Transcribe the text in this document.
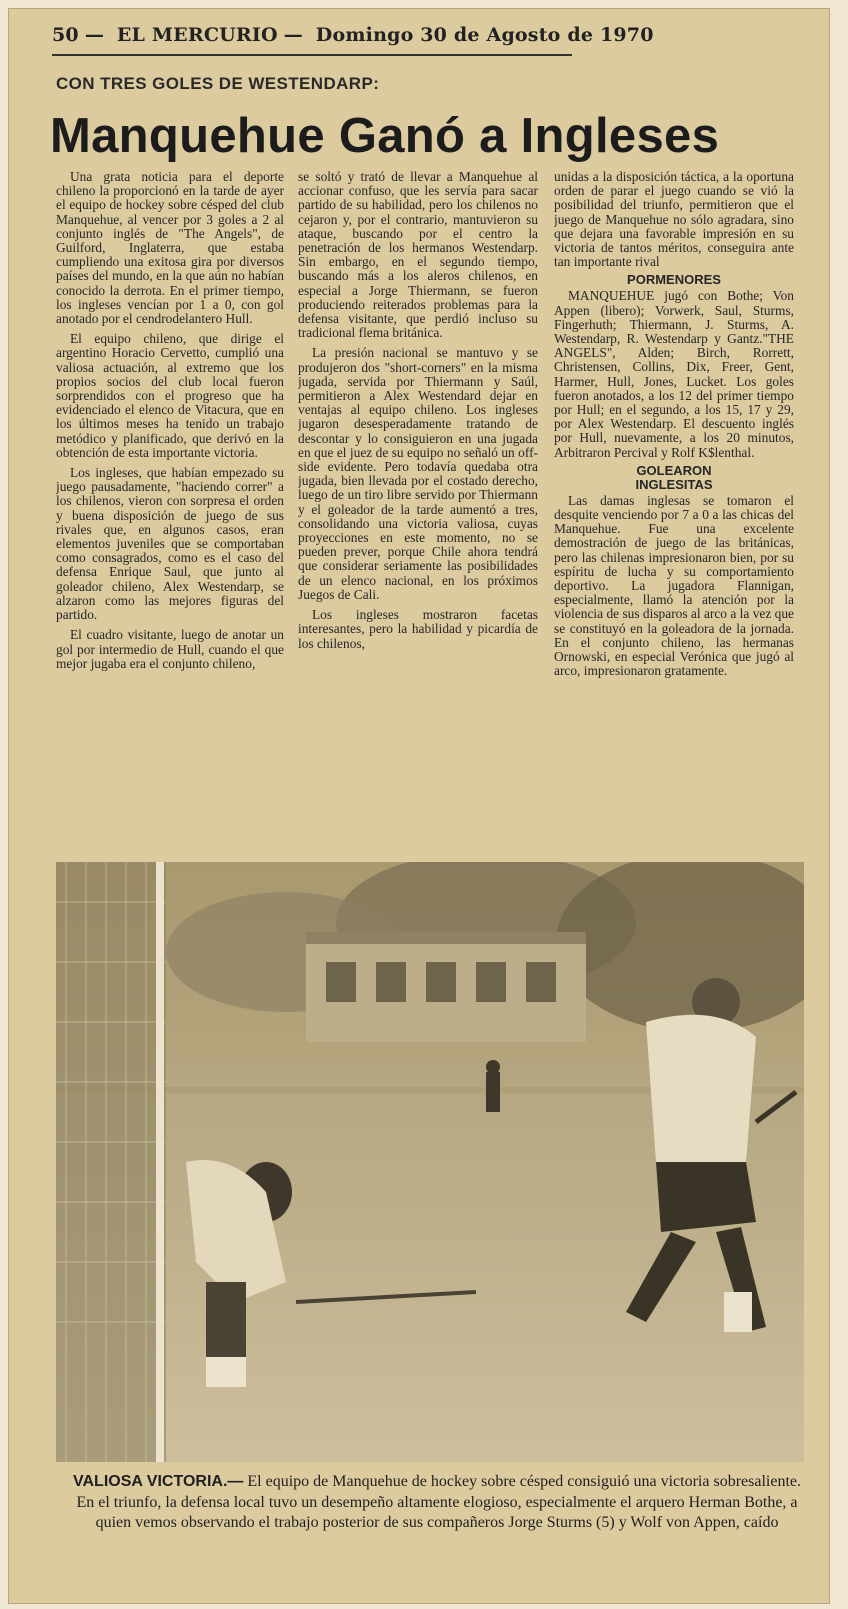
50 — EL MERCURIO — Domingo 30 de Agosto de 1970
CON TRES GOLES DE WESTENDARP:
Manquehue Ganó a Ingleses

Una grata noticia para el deporte chileno la proporcionó en la tarde de ayer el equipo de hockey sobre césped del club Manquehue, al vencer por 3 goles a 2 al conjunto inglés de "The Angels", de Guilford, Inglaterra, que estaba cumpliendo una exitosa gira por diversos países del mundo, en la que aún no habían conocido la derrota. En el primer tiempo, los ingleses vencían por 1 a 0, con gol anotado por el cendrodelantero Hull.

El equipo chileno, que dirige el argentino Horacio Cervetto, cumplió una valiosa actuación, al extremo que los propios socios del club local fueron sorprendidos con el progreso que ha evidenciado el elenco de Vitacura, que en los últimos meses ha tenido un trabajo metódico y planificado, que derivó en la obtención de esta importante victoria.

Los ingleses, que habían empezado su juego pausadamente, "haciendo correr" a los chilenos, vieron con sorpresa el orden y buena disposición de juego de sus rivales que, en algunos casos, eran elementos juveniles que se comportaban como consagrados, como es el caso del defensa Enrique Saul, que junto al goleador chileno, Alex Westendarp, se alzaron como las mejores figuras del partido.

El cuadro visitante, luego de anotar un gol por intermedio de Hull, cuando el que mejor jugaba era el conjunto chileno,

se soltó y trató de llevar a Manquehue al accionar confuso, que les servía para sacar partido de su habilidad, pero los chilenos no cejaron y, por el contrario, mantuvieron su ataque, buscando por el centro la penetración de los hermanos Westendarp. Sin embargo, en el segundo tiempo, buscando más a los aleros chilenos, en especial a Jorge Thiermann, se fueron produciendo reiterados problemas para la defensa visitante, que perdió incluso su tradicional flema británica.

La presión nacional se mantuvo y se produjeron dos "short-corners" en la misma jugada, servida por Thiermann y Saúl, permitieron a Alex Westendard dejar en ventajas al equipo chileno. Los ingleses jugaron desesperadamente tratando de descontar y lo consiguieron en una jugada en que el juez de su equipo no señaló un off-side evidente. Pero todavía quedaba otra jugada, bien llevada por el costado derecho, luego de un tiro libre servido por Thiermann y el goleador de la tarde aumentó a tres, consolidando una victoria valiosa, cuyas proyecciones en este momento, no se pueden prever, porque Chile ahora tendrá que considerar seriamente las posibilidades de un elenco nacional, en los próximos Juegos de Cali.

Los ingleses mostraron facetas interesantes, pero la habilidad y picardía de los chilenos,

unidas a la disposición táctica, a la oportuna orden de parar el juego cuando se vió la posibilidad del triunfo, permitieron que el juego de Manquehue no sólo agradara, sino que dejara una favorable impresión en su victoria de tantos méritos, conseguira ante tan importante rival

PORMENORES

MANQUEHUE jugó con Bothe; Von Appen (libero); Vorwerk, Saul, Sturms, Fingerhuth; Thiermann, J. Sturms, A. Westendarp, R. Westendarp y Gantz."THE ANGELS", Alden; Birch, Rorrett, Christensen, Collins, Dix, Freer, Gent, Harmer, Hull, Jones, Lucket. Los goles fueron anotados, a los 12 del primer tiempo por Hull; en el segundo, a los 15, 17 y 29, por Alex Westendarp. El descuento inglés por Hull, nuevamente, a los 20 minutos, Arbitraron Percival y Rolf K$lenthal.

GOLEARON
INGLESITAS

Las damas inglesas se tomaron el desquite venciendo por 7 a 0 a las chicas del Manquehue. Fue una excelente demostración de juego de las británicas, pero las chilenas impresionaron bien, por su espíritu de lucha y su comportamiento deportivo. La jugadora Flannigan, especialmente, llamó la atención por la violencia de sus disparos al arco a la vez que se constituyó en la goleadora de la jornada. En el conjunto chileno, las hermanas Ornowski, en especial Verónica que jugó al arco, impresionaron gratamente.

VALIOSA VICTORIA.— El equipo de Manquehue de hockey sobre césped consiguió una victoria sobresaliente. En el triunfo, la defensa local tuvo un desempeño altamente elogioso, especialmente el arquero Herman Bothe, a quien vemos observando el trabajo posterior de sus compañeros Jorge Sturms (5) y Wolf von Appen, caído
